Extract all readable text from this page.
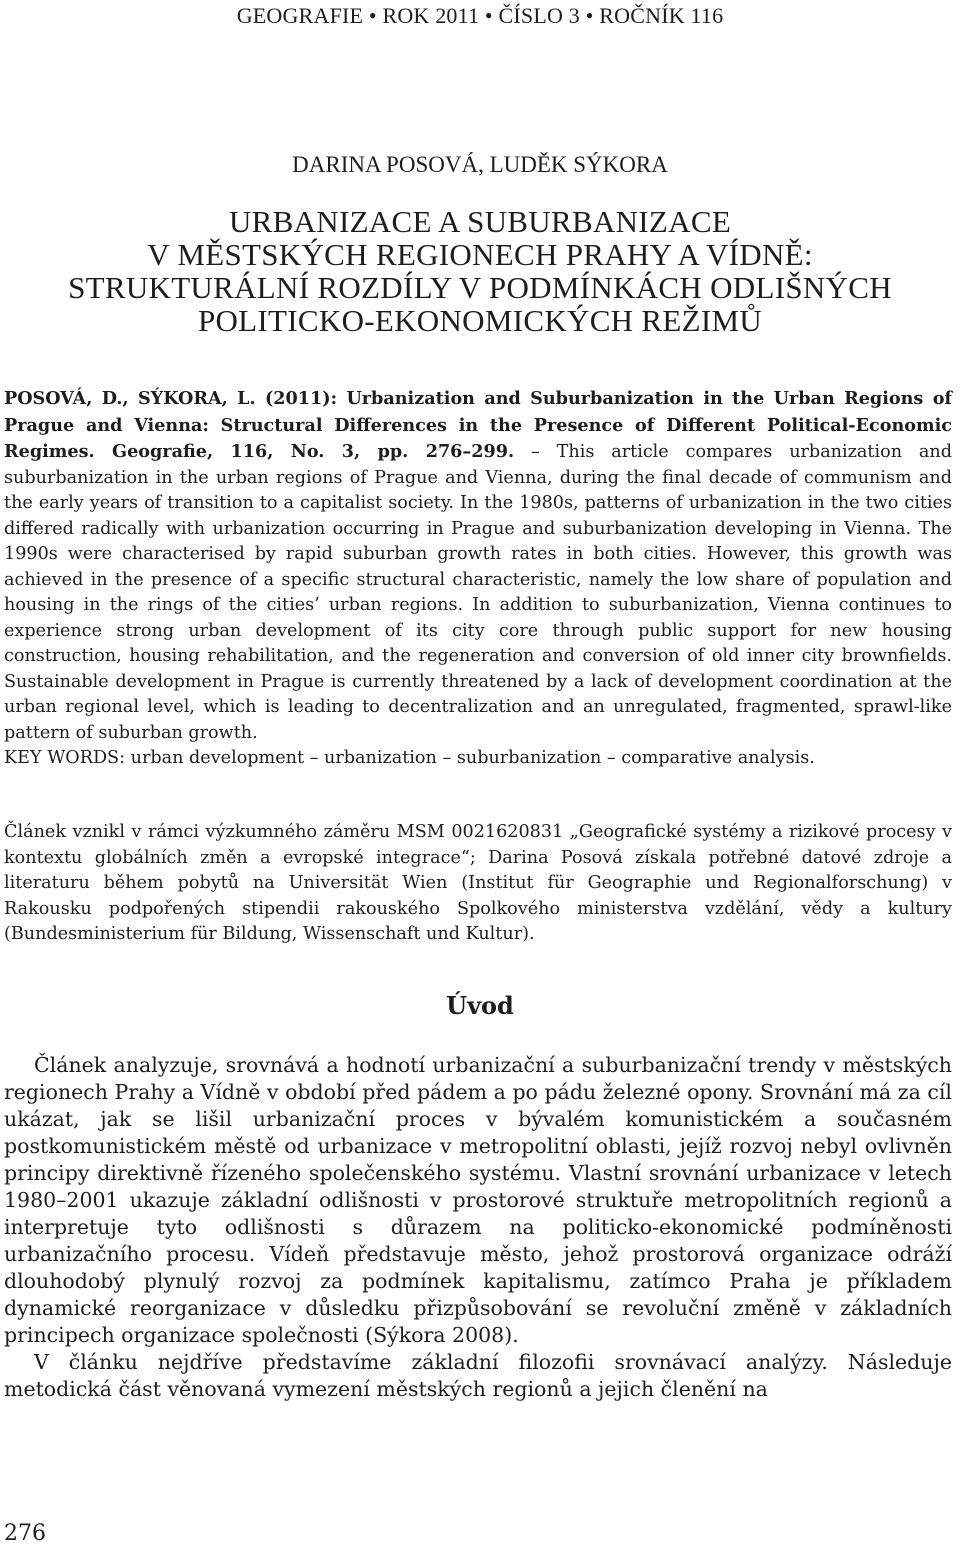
GEOGRAFIE • ROK 2011 • ČÍSLO 3 • ROČNÍK 116
DARINA POSOVÁ, LUDĚK SÝKORA
URBANIZACE A SUBURBANIZACE
V MĚSTSKÝCH REGIONECH PRAHY A VÍDNĚ:
STRUKTURÁLNÍ ROZDÍLY V PODMÍNKÁCH ODLIŠNÝCH
POLITICKO-EKONOMICKÝCH REŽIMŮ

POSOVÁ, D., SÝKORA, L. (2011): Urbanization and Suburbanization in the Urban Regions of Prague and Vienna: Structural Differences in the Presence of Different Political-Economic Regimes. Geografie, 116, No. 3, pp. 276–299. – This article compares urbanization and suburbanization in the urban regions of Prague and Vienna, during the final decade of communism and the early years of transition to a capitalist society. In the 1980s, patterns of urbanization in the two cities differed radically with urbanization occurring in Prague and suburbanization developing in Vienna. The 1990s were characterised by rapid suburban growth rates in both cities. However, this growth was achieved in the presence of a specific structural characteristic, namely the low share of population and housing in the rings of the cities’ urban regions. In addition to suburbanization, Vienna continues to experience strong urban development of its city core through public support for new housing construction, housing rehabilitation, and the regeneration and conversion of old inner city brownfields. Sustainable development in Prague is currently threatened by a lack of development coordination at the urban regional level, which is leading to decentralization and an unregulated, fragmented, sprawl-like pattern of suburban growth.

KEY WORDS: urban development – urbanization – suburbanization – comparative analysis.

Článek vznikl v rámci výzkumného záměru MSM 0021620831 „Geografické systémy a rizikové procesy v kontextu globálních změn a evropské integrace“; Darina Posová získala potřebné datové zdroje a literaturu během pobytů na Universität Wien (Institut für Geographie und Regionalforschung) v Rakousku podpořených stipendii rakouského Spolkového ministerstva vzdělání, vědy a kultury (Bundesministerium für Bildung, Wissenschaft und Kultur).

Úvod

Článek analyzuje, srovnává a hodnotí urbanizační a suburbanizační trendy v městských regionech Prahy a Vídně v období před pádem a po pádu železné opony. Srovnání má za cíl ukázat, jak se lišil urbanizační proces v bývalém komunistickém a současném postkomunistickém městě od urbanizace v metropolitní oblasti, jejíž rozvoj nebyl ovlivněn principy direktivně řízeného společenského systému. Vlastní srovnání urbanizace v letech 1980–2001 ukazuje základní odlišnosti v prostorové struktuře metropolitních regionů a interpretuje tyto odlišnosti s důrazem na politicko-ekonomické podmíněnosti urbanizačního procesu. Vídeň představuje město, jehož prostorová organizace odráží dlouhodobý plynulý rozvoj za podmínek kapitalismu, zatímco Praha je příkladem dynamické reorganizace v důsledku přizpůsobování se revoluční změně v základních principech organizace společnosti (Sýkora 2008).

V článku nejdříve představíme základní filozofii srovnávací analýzy. Následuje metodická část věnovaná vymezení městských regionů a jejich členění na

276
